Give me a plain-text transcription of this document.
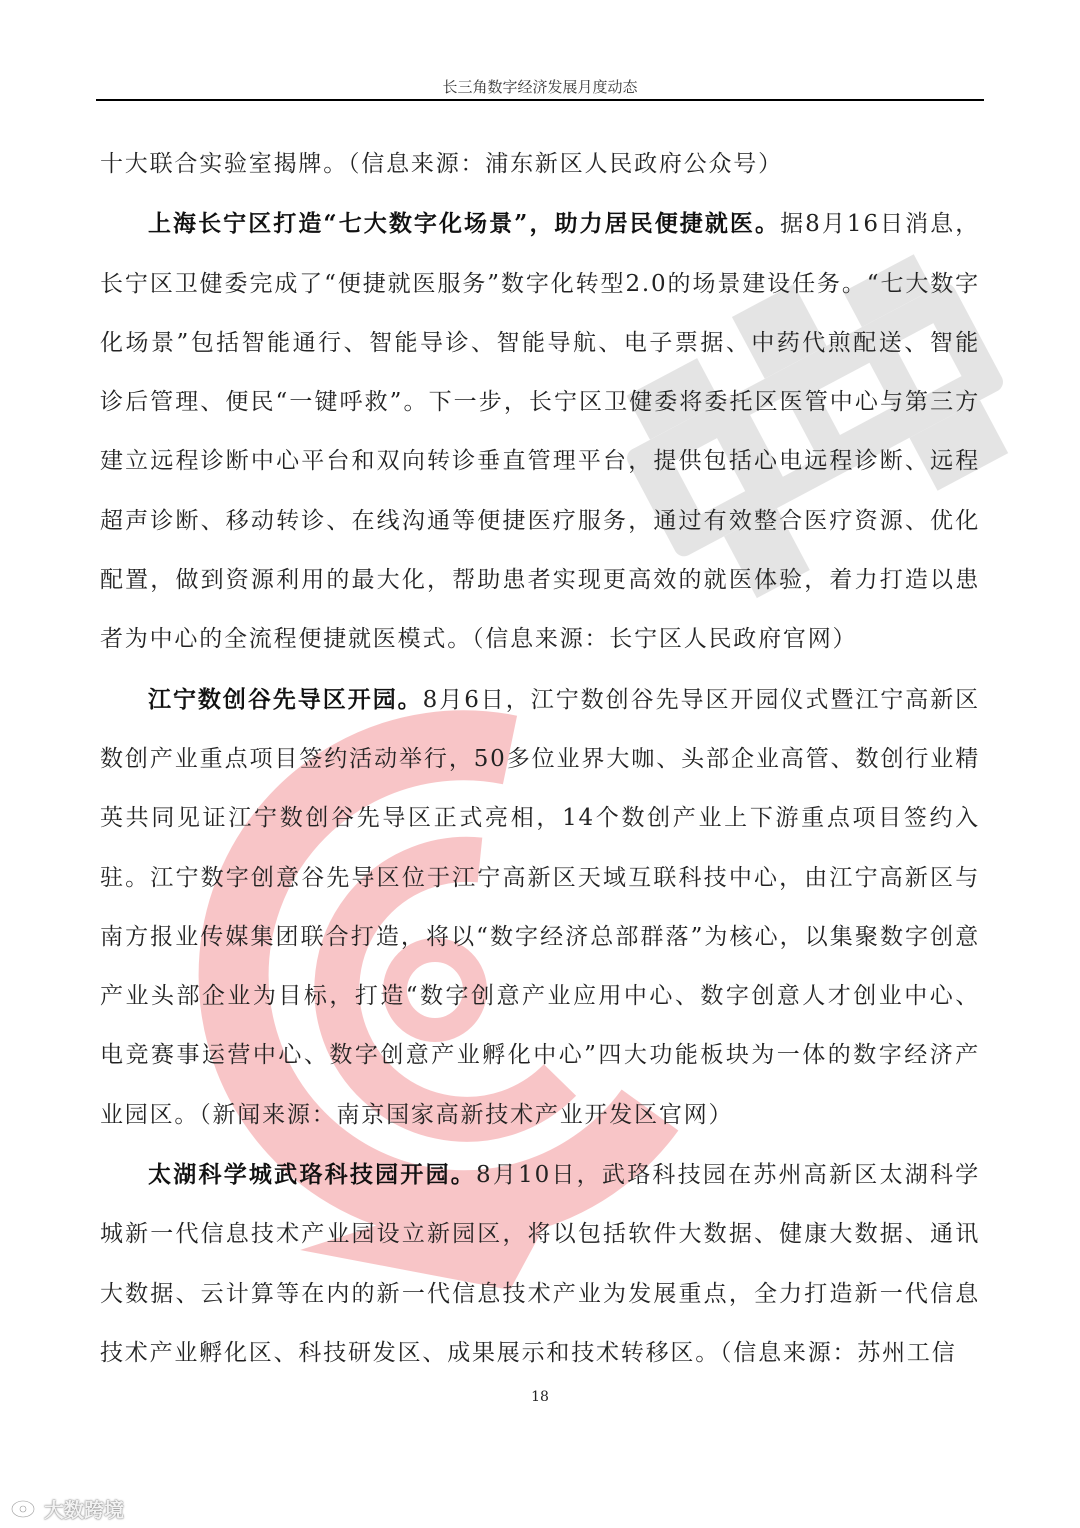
长三角数字经济发展月度动态

十大联合实验室揭牌。（信息来源：浦东新区人民政府公众号）

上海长宁区打造“七大数字化场景”，助力居民便捷就医。据8月16日消息，长宁区卫健委完成了“便捷就医服务”数字化转型2.0的场景建设任务。“七大数字化场景”包括智能通行、智能导诊、智能导航、电子票据、中药代煎配送、智能诊后管理、便民“一键呼救”。下一步，长宁区卫健委将委托区医管中心与第三方建立远程诊断中心平台和双向转诊垂直管理平台，提供包括心电远程诊断、远程超声诊断、移动转诊、在线沟通等便捷医疗服务，通过有效整合医疗资源、优化配置，做到资源利用的最大化，帮助患者实现更高效的就医体验，着力打造以患者为中心的全流程便捷就医模式。（信息来源：长宁区人民政府官网）

江宁数创谷先导区开园。8月6日，江宁数创谷先导区开园仪式暨江宁高新区数创产业重点项目签约活动举行，50多位业界大咖、头部企业高管、数创行业精英共同见证江宁数创谷先导区正式亮相，14个数创产业上下游重点项目签约入驻。江宁数字创意谷先导区位于江宁高新区天域互联科技中心，由江宁高新区与南方报业传媒集团联合打造，将以“数字经济总部群落”为核心，以集聚数字创意产业头部企业为目标，打造“数字创意产业应用中心、数字创意人才创业中心、电竞赛事运营中心、数字创意产业孵化中心”四大功能板块为一体的数字经济产业园区。（新闻来源：南京国家高新技术产业开发区官网）

太湖科学城武珞科技园开园。8月10日，武珞科技园在苏州高新区太湖科学城新一代信息技术产业园设立新园区，将以包括软件大数据、健康大数据、通讯大数据、云计算等在内的新一代信息技术产业为发展重点，全力打造新一代信息技术产业孵化区、科技研发区、成果展示和技术转移区。（信息来源：苏州工信

18
大数跨境
